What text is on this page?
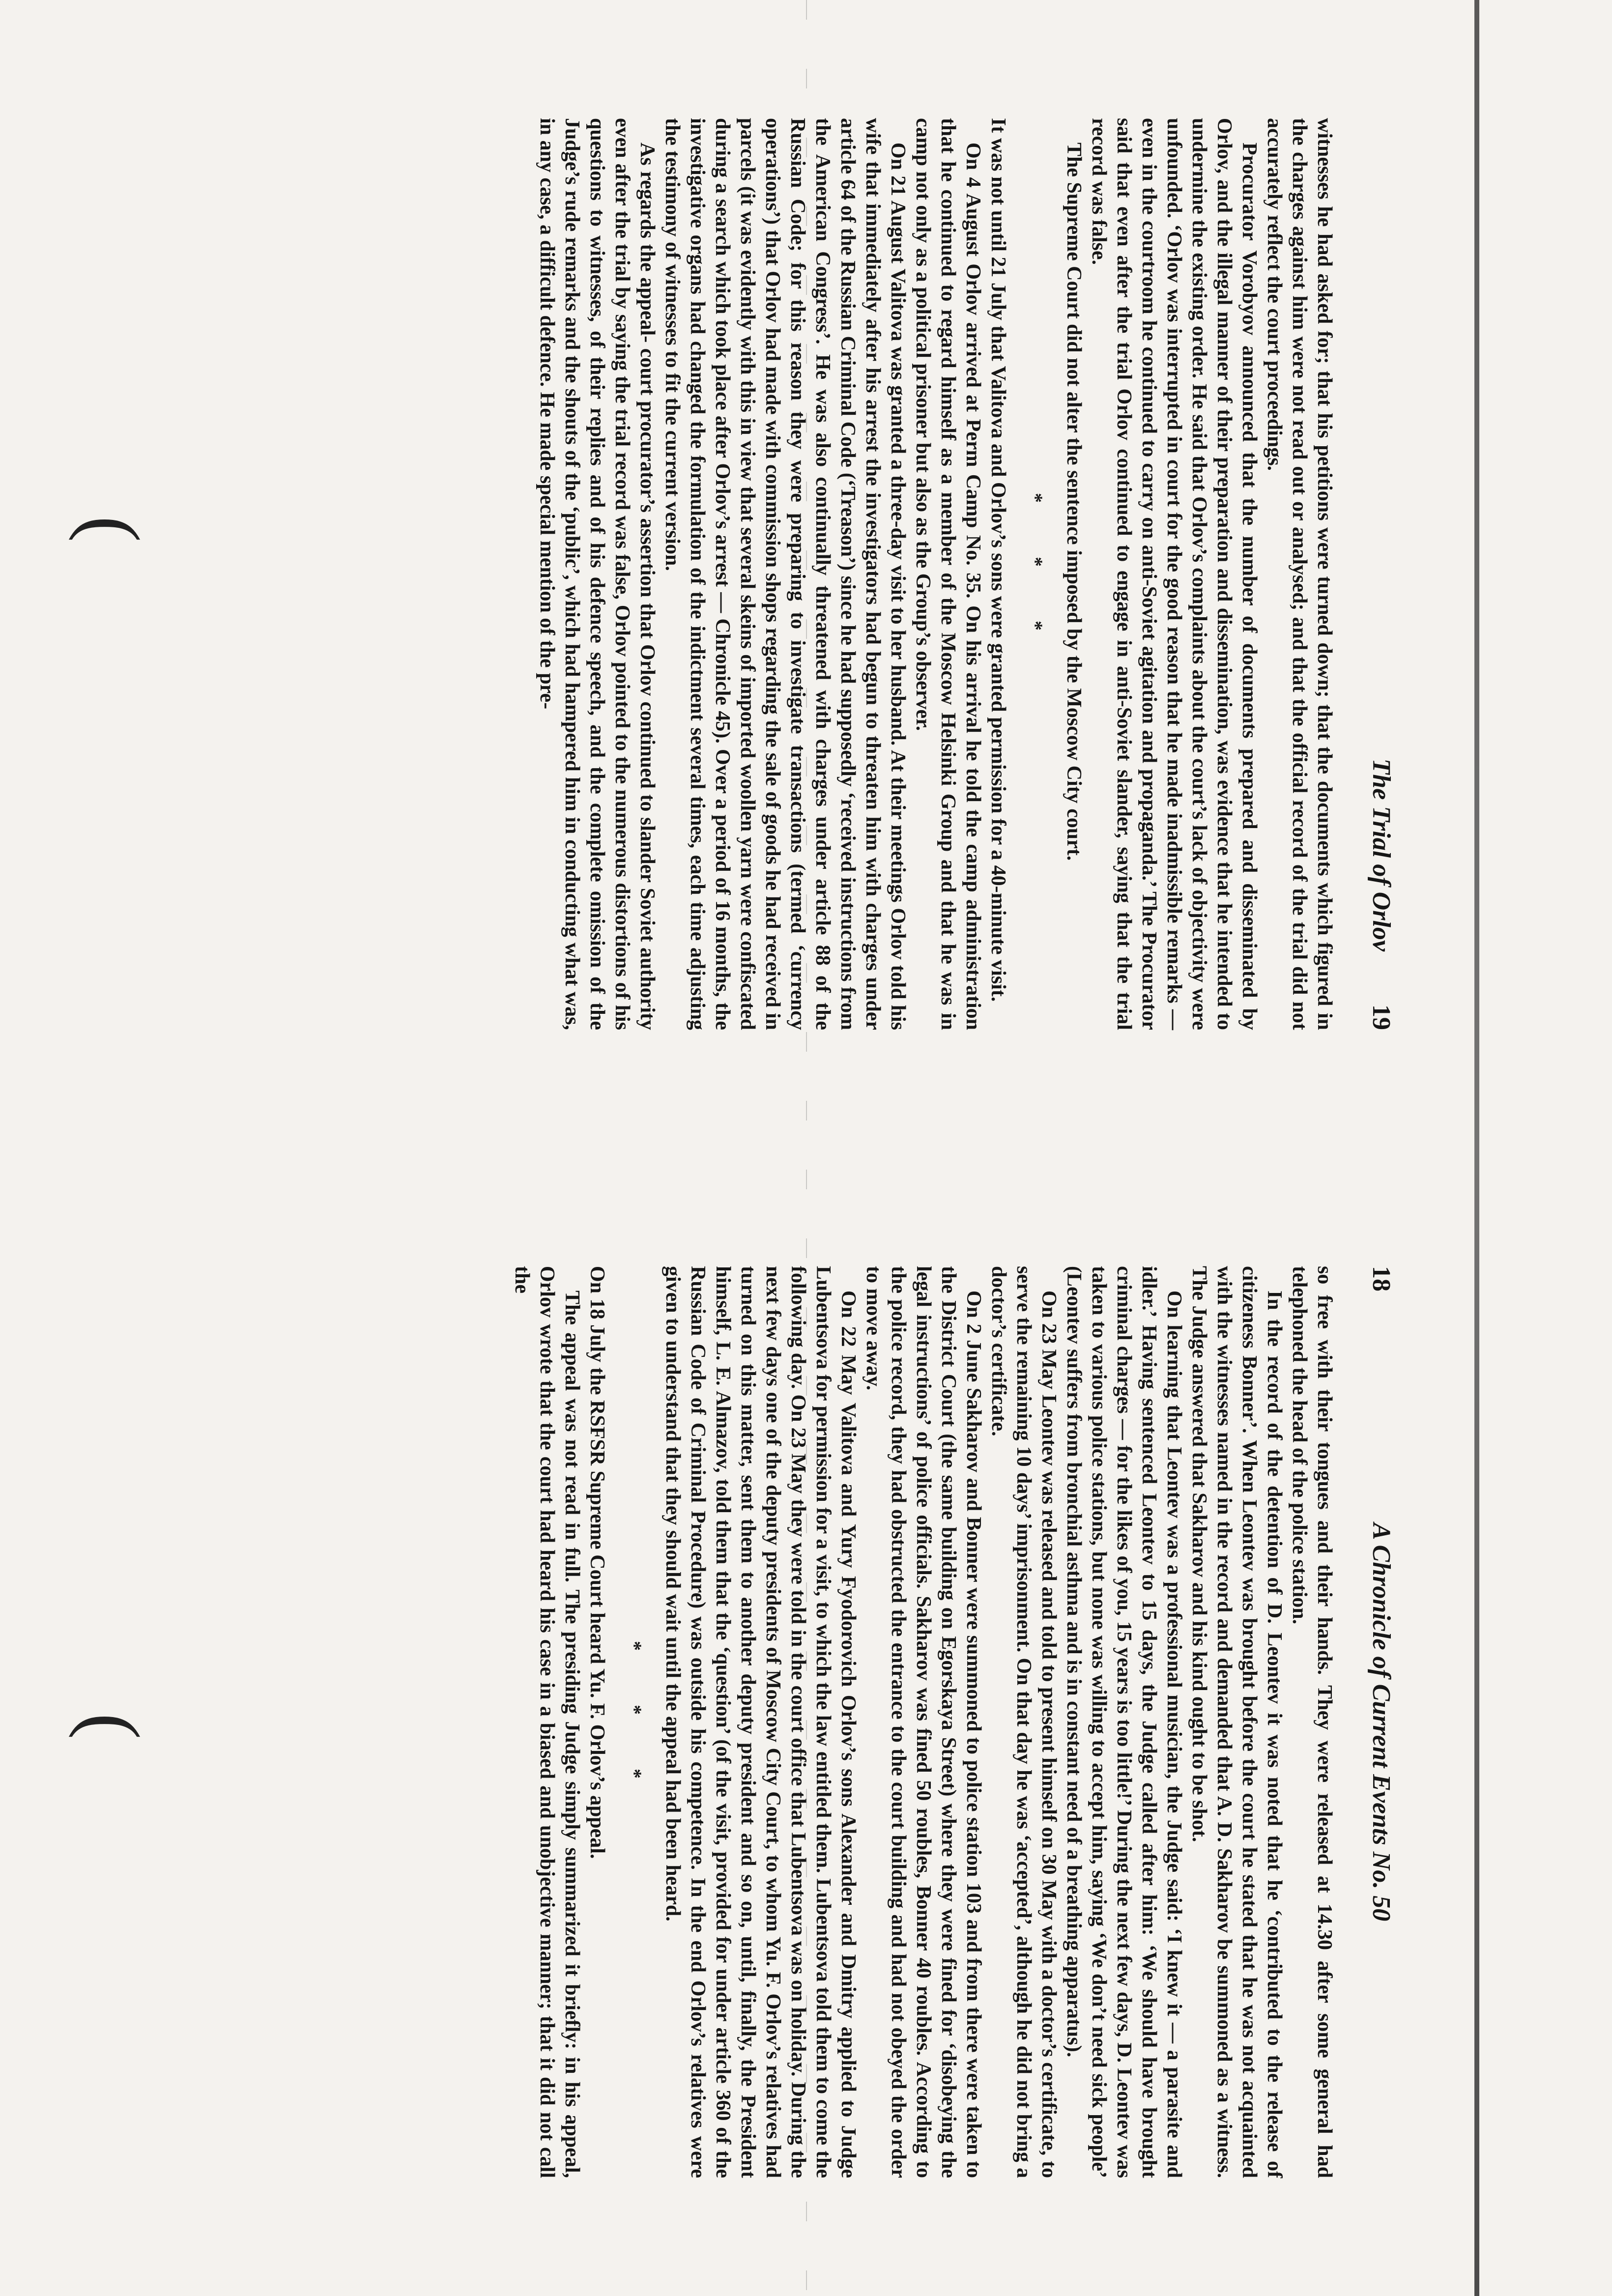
The Trial of Orlov
19

witnesses he had asked for; that his petitions were turned down; that the documents which figured in the charges against him were not read out or analysed; and that the official record of the trial did not accurately reflect the court proceedings.

Procurator Vorobyov announced that the number of documents prepared and disseminated by Orlov, and the illegal manner of their preparation and dissemination, was evidence that he intended to undermine the existing order. He said that Orlov’s complaints about the court’s lack of objectivity were unfounded. ‘Orlov was interrupted in court for the good reason that he made inadmissible remarks — even in the courtroom he continued to carry on anti-Soviet agitation and propaganda.’ The Procurator said that even after the trial Orlov continued to engage in anti-Soviet slander, saying that the trial record was false.

The Supreme Court did not alter the sentence imposed by the Moscow City court.

* * *

It was not until 21 July that Valitova and Orlov’s sons were granted permission for a 40-minute visit.

On 4 August Orlov arrived at Perm Camp No. 35. On his arrival he told the camp administration that he continued to regard himself as a member of the Moscow Helsinki Group and that he was in camp not only as a political prisoner but also as the Group’s observer.

On 21 August Valitova was granted a three-day visit to her husband. At their meetings Orlov told his wife that immediately after his arrest the investigators had begun to threaten him with charges under article 64 of the Russian Criminal Code (‘Treason’) since he had supposedly ‘received instructions from the American Congress’. He was also continually threatened with charges under article 88 of the Russian Code; for this reason they were preparing to investigate transactions (termed ‘currency operations’) that Orlov had made with commission shops regarding the sale of goods he had received in parcels (it was evidently with this in view that several skeins of imported woollen yarn were confiscated during a search which took place after Orlov’s arrest — Chronicle 45). Over a period of 16 months, the investigative organs had changed the formulation of the indictment several times, each time adjusting the testimony of witnesses to fit the current version.

As regards the appeal- court procurator’s assertion that Orlov continued to slander Soviet authority even after the trial by saying the trial record was false, Orlov pointed to the numerous distortions of his questions to witnesses, of their replies and of his defence speech, and the complete omission of the Judge’s rude remarks and the shouts of the ‘public’, which had hampered him in conducting what was, in any case, a difficult defence. He made special mention of the pre-

(
18
A Chronicle of Current Events No. 50

so free with their tongues and their hands. They were released at 14.30 after some general had telephoned the head of the police station.

In the record of the detention of D. Leontev it was noted that he ‘contributed to the release of citizeness Bonner’. When Leontev was brought before the court he stated that he was not acquainted with the witnesses named in the record and demanded that A. D. Sakharov be summoned as a witness. The Judge answered that Sakharov and his kind ought to be shot.

On learning that Leontev was a professional musician, the Judge said: ‘I knew it — a parasite and idler.’ Having sentenced Leontev to 15 days, the Judge called after him: ‘We should have brought criminal charges — for the likes of you, 15 years is too little!’ During the next few days, D. Leontev was taken to various police stations, but none was willing to accept him, saying ‘We don’t need sick people’ (Leontev suffers from bronchial asthma and is in constant need of a breathing apparatus).

On 23 May Leontev was released and told to present himself on 30 May with a doctor’s certificate, to serve the remaining 10 days’ imprisonment. On that day he was ‘accepted’, although he did not bring a doctor’s certificate.

On 2 June Sakharov and Bonner were summoned to police station 103 and from there were taken to the District Court (the same building on Egorskaya Street) where they were fined for ‘disobeying the legal instructions’ of police officials. Sakharov was fined 50 roubles, Bonner 40 roubles. According to the police record, they had obstructed the entrance to the court building and had not obeyed the order to move away.

On 22 May Valitova and Yury Fyodorovich Orlov’s sons Alexander and Dmitry applied to Judge Lubentsova for permission for a visit, to which the law entitled them. Lubentsova told them to come the following day. On 23 May they were told in the court office that Lubentsova was on holiday. During the next few days one of the deputy presidents of Moscow City Court, to whom Yu. F. Orlov’s relatives had turned on this matter, sent them to another deputy president and so on, until, finally, the President himself, L. E. Almazov, told them that the ‘question’ (of the visit, provided for under article 360 of the Russian Code of Criminal Procedure) was outside his competence. In the end Orlov’s relatives were given to understand that they should wait until the appeal had been heard.

* * *

On 18 July the RSFSR Supreme Court heard Yu. F. Orlov’s appeal.

The appeal was not read in full. The presiding Judge simply summarized it briefly: in his appeal, Orlov wrote that the court had heard his case in a biased and unobjective manner; that it did not call the

(
